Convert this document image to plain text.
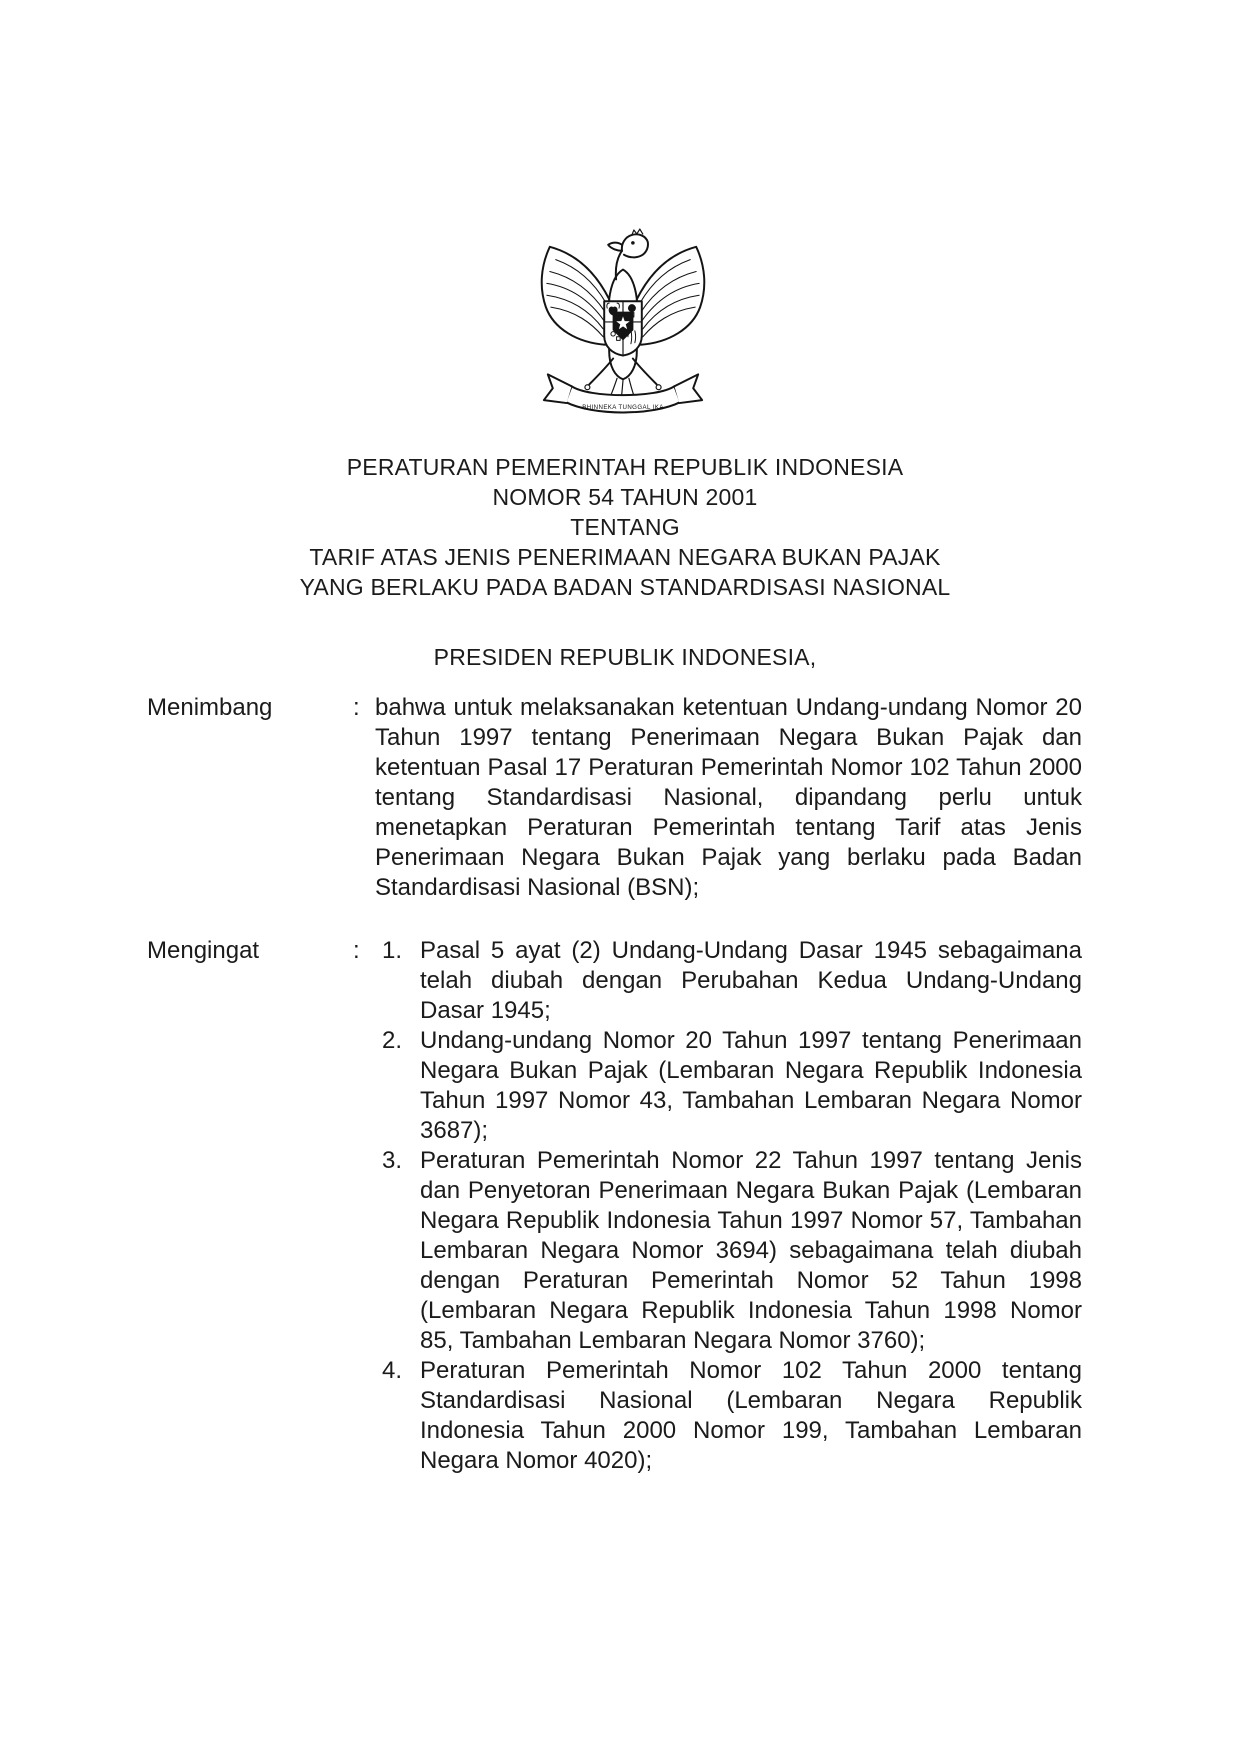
BHINNEKA TUNGGAL IKA
PERATURAN PEMERINTAH REPUBLIK INDONESIA
NOMOR 54 TAHUN 2001
TENTANG
TARIF ATAS JENIS PENERIMAAN NEGARA BUKAN PAJAK
YANG BERLAKU PADA BADAN STANDARDISASI NASIONAL
PRESIDEN REPUBLIK INDONESIA,
Menimbang	: bahwa untuk melaksanakan ketentuan Undang-undang Nomor 20 Tahun 1997 tentang Penerimaan Negara Bukan Pajak dan ketentuan Pasal 17 Peraturan Pemerintah Nomor 102 Tahun 2000 tentang Standardisasi Nasional, dipandang perlu untuk menetapkan Peraturan Pemerintah tentang Tarif atas Jenis Penerimaan Negara Bukan Pajak yang berlaku pada Badan Standardisasi Nasional (BSN);

Mengingat	: 1. Pasal 5 ayat (2) Undang-Undang Dasar 1945 sebagaimana telah diubah dengan Perubahan Kedua Undang-Undang Dasar 1945;
2. Undang-undang Nomor 20 Tahun 1997 tentang Penerimaan Negara Bukan Pajak (Lembaran Negara Republik Indonesia Tahun 1997 Nomor 43, Tambahan Lembaran Negara Nomor 3687);
3. Peraturan Pemerintah Nomor 22 Tahun 1997 tentang Jenis dan Penyetoran Penerimaan Negara Bukan Pajak (Lembaran Negara Republik Indonesia Tahun 1997 Nomor 57, Tambahan Lembaran Negara Nomor 3694) sebagaimana telah diubah dengan Peraturan Pemerintah Nomor 52 Tahun 1998 (Lembaran Negara Republik Indonesia Tahun 1998 Nomor 85, Tambahan Lembaran Negara Nomor 3760);
4. Peraturan Pemerintah Nomor 102 Tahun 2000 tentang Standardisasi Nasional (Lembaran Negara Republik Indonesia Tahun 2000 Nomor 199, Tambahan Lembaran Negara Nomor 4020);
